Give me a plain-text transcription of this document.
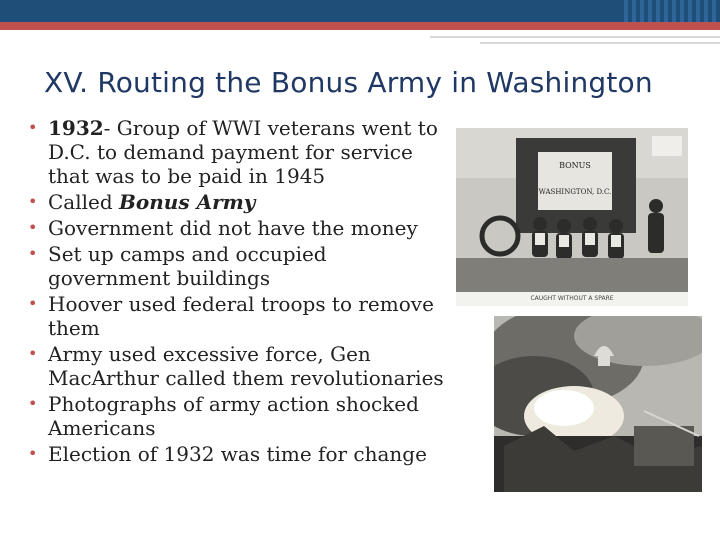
XV. Routing the Bonus Army in Washington
• 1932- Group of WWI veterans went to D.C. to demand payment for service that was to be paid in 1945
• Called Bonus Army
• Government did not have the money
• Set up camps and occupied government buildings
• Hoover used federal troops to remove them
• Army used excessive force, Gen MacArthur called them revolutionaries
• Photographs of army action shocked Americans
• Election of 1932 was time for change
BONUS
WASHINGTON, D.C.
CAUGHT WITHOUT A SPARE
